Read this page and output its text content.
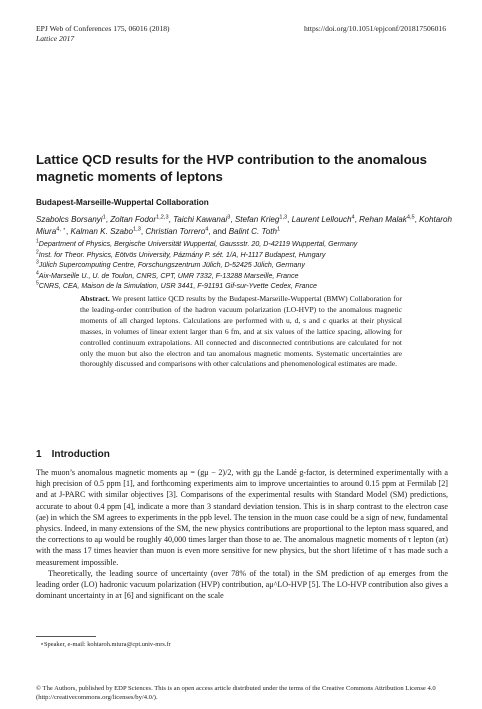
EPJ Web of Conferences 175, 06016 (2018)	https://doi.org/10.1051/epjconf/201817506016
Lattice 2017
Lattice QCD results for the HVP contribution to the anomalous magnetic moments of leptons
Budapest-Marseille-Wuppertal Collaboration
Szabolcs Borsanyi$^1$, Zoltan Fodor$^{1,2,3}$, Taichi Kawanai$^3$, Stefan Krieg$^{1,3}$, Laurent Lellouch$^4$, Rehan Malak$^{4,5}$, Kohtaroh Miura$^{4, ⋆}$, Kalman K. Szabo$^{1,3}$, Christian Torrero$^4$, and Balint C. Toth$^1$
$^1$Department of Physics, Bergische Universität Wuppertal, Gaussstr. 20, D-42119 Wuppertal, Germany
$^2$Inst. for Theor. Physics, Eötvös University, Pázmány P. sét. 1/A, H-1117 Budapest, Hungary
$^3$Jülich Supercomputing Centre, Forschungszentrum Jülich, D-52425 Jülich, Germany
$^4$Aix-Marseille U., U. de Toulon, CNRS, CPT, UMR 7332, F-13288 Marseille, France
$^5$CNRS, CEA, Maison de la Simulation, USR 3441, F-91191 Gif-sur-Yvette Cedex, France
Abstract. We present lattice QCD results by the Budapest-Marseille-Wuppertal (BMW) Collaboration for the leading-order contribution of the hadron vacuum polarization (LO-HVP) to the anomalous magnetic moments of all charged leptons. Calculations are performed with u, d, s and c quarks at their physical masses, in volumes of linear extent larger than 6 fm, and at six values of the lattice spacing, allowing for controlled continuum extrapolations. All connected and disconnected contributions are calculated for not only the muon but also the electron and tau anomalous magnetic moments. Systematic uncertainties are thoroughly discussed and comparisons with other calculations and phenomenological estimates are made.
1 Introduction

The muon’s anomalous magnetic moments aμ = (gμ − 2)/2, with gμ the Landé g-factor, is determined experimentally with a high precision of 0.5 ppm [1], and forthcoming experiments aim to improve uncertainties to around 0.15 ppm at Fermilab [2] and at J-PARC with similar objectives [3]. Comparisons of the experimental results with Standard Model (SM) predictions, accurate to about 0.4 ppm [4], indicate a more than 3 standard deviation tension. This is in sharp contrast to the electron case (ae) in which the SM agrees to experiments in the ppb level. The tension in the muon case could be a sign of new, fundamental physics. Indeed, in many extensions of the SM, the new physics contributions are proportional to the lepton mass squared, and the corrections to aμ would be roughly 40,000 times larger than those to ae. The anomalous magnetic moments of τ lepton (aτ) with the mass 17 times heavier than muon is even more sensitive for new physics, but the short lifetime of τ has made such a measurement impossible.

Theoretically, the leading source of uncertainty (over 78% of the total) in the SM prediction of aμ emerges from the leading order (LO) hadronic vacuum polarization (HVP) contribution, aμ^LO-HVP [5]. The LO-HVP contribution also gives a dominant uncertainty in aτ [6] and significant on the scale

⋆Speaker, e-mail: kohtaroh.miura@cpt.univ-mrs.fr
© The Authors, published by EDP Sciences. This is an open access article distributed under the terms of the Creative Commons Attribution License 4.0 (http://creativecommons.org/licenses/by/4.0/).
